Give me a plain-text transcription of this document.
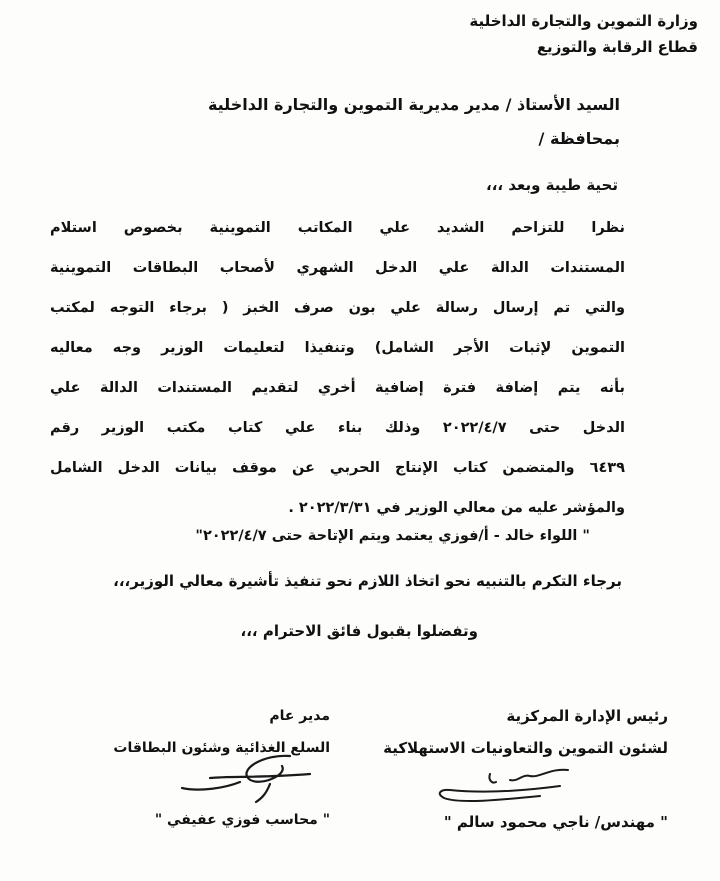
وزارة التموين والتجارة الداخلية
قطاع الرقابة والتوزيع
السيد الأستاذ / مدير مديرية التموين والتجارة الداخلية
بمحافظة /
تحية طيبة وبعد ،،،
نظرا للتزاحم الشديد علي المكاتب التموينية بخصوص استلام
المستندات الدالة علي الدخل الشهري لأصحاب البطاقات التموينية
والتي تم إرسال رسالة علي بون صرف الخبز ( برجاء التوجه لمكتب
التموين لإثبات الأجر الشامل) وتنفيذا لتعليمات الوزير وجه معاليه
بأنه يتم إضافة فترة إضافية أخري لتقديم المستندات الدالة علي
الدخل حتى ٢٠٢٢/٤/٧ وذلك بناء علي كتاب مكتب الوزير رقم
٦٤٣٩ والمتضمن كتاب الإنتاج الحربي عن موقف بيانات الدخل الشامل
والمؤشر عليه من معالي الوزير في ٢٠٢٢/٣/٣١ .
" اللواء خالد - أ/فوزي يعتمد ويتم الإتاحة حتى ٢٠٢٢/٤/٧"
برجاء التكرم بالتنبيه نحو اتخاذ اللازم نحو تنفيذ تأشيرة معالي الوزير،،،
وتفضلوا بقبول فائق الاحترام ،،،
رئيس الإدارة المركزية
لشئون التموين والتعاونيات الاستهلاكية
" مهندس/ ناجي محمود سالم "
مدير عام
السلع الغذائية وشئون البطاقات
" محاسب فوزي عفيفي "
